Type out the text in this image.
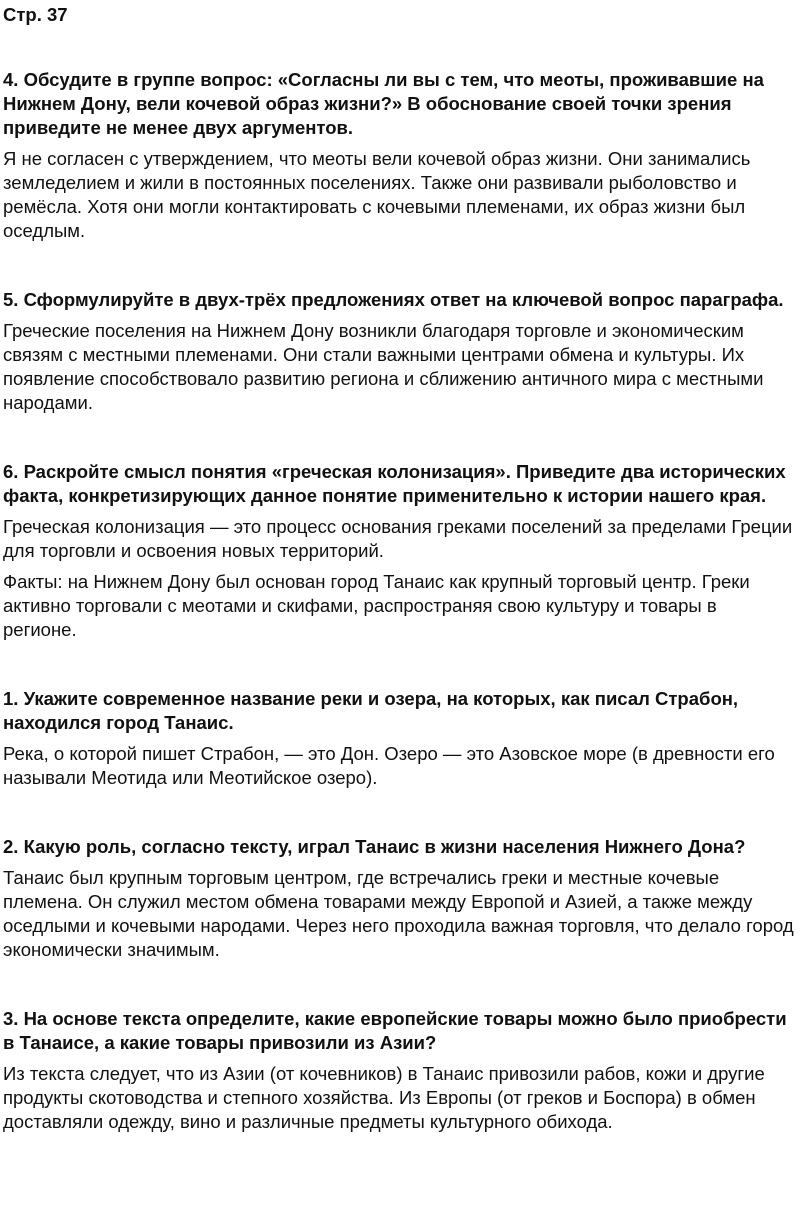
Стр. 37
4. Обсудите в группе вопрос: «Согласны ли вы с тем, что меоты, проживавшие на Нижнем Дону, вели кочевой образ жизни?» В обоснование своей точки зрения приведите не менее двух аргументов.
Я не согласен с утверждением, что меоты вели кочевой образ жизни. Они занимались земледелием и жили в постоянных поселениях. Также они развивали рыболовство и ремёсла. Хотя они могли контактировать с кочевыми племенами, их образ жизни был оседлым.
5. Сформулируйте в двух-трёх предложениях ответ на ключевой вопрос параграфа.
Греческие поселения на Нижнем Дону возникли благодаря торговле и экономическим связям с местными племенами. Они стали важными центрами обмена и культуры. Их появление способствовало развитию региона и сближению античного мира с местными народами.
6. Раскройте смысл понятия «греческая колонизация». Приведите два исторических факта, конкретизирующих данное понятие применительно к истории нашего края.
Греческая колонизация — это процесс основания греками поселений за пределами Греции для торговли и освоения новых территорий.
Факты: на Нижнем Дону был основан город Танаис как крупный торговый центр. Греки активно торговали с меотами и скифами, распространяя свою культуру и товары в регионе.
1. Укажите современное название реки и озера, на которых, как писал Страбон, находился город Танаис.
Река, о которой пишет Страбон, — это Дон. Озеро — это Азовское море (в древности его называли Меотида или Меотийское озеро).
2. Какую роль, согласно тексту, играл Танаис в жизни населения Нижнего Дона?
Танаис был крупным торговым центром, где встречались греки и местные кочевые племена. Он служил местом обмена товарами между Европой и Азией, а также между оседлыми и кочевыми народами. Через него проходила важная торговля, что делало город экономически значимым.
3. На основе текста определите, какие европейские товары можно было приобрести в Танаисе, а какие товары привозили из Азии?
Из текста следует, что из Азии (от кочевников) в Танаис привозили рабов, кожи и другие продукты скотоводства и степного хозяйства. Из Европы (от греков и Боспора) в обмен доставляли одежду, вино и различные предметы культурного обихода.
